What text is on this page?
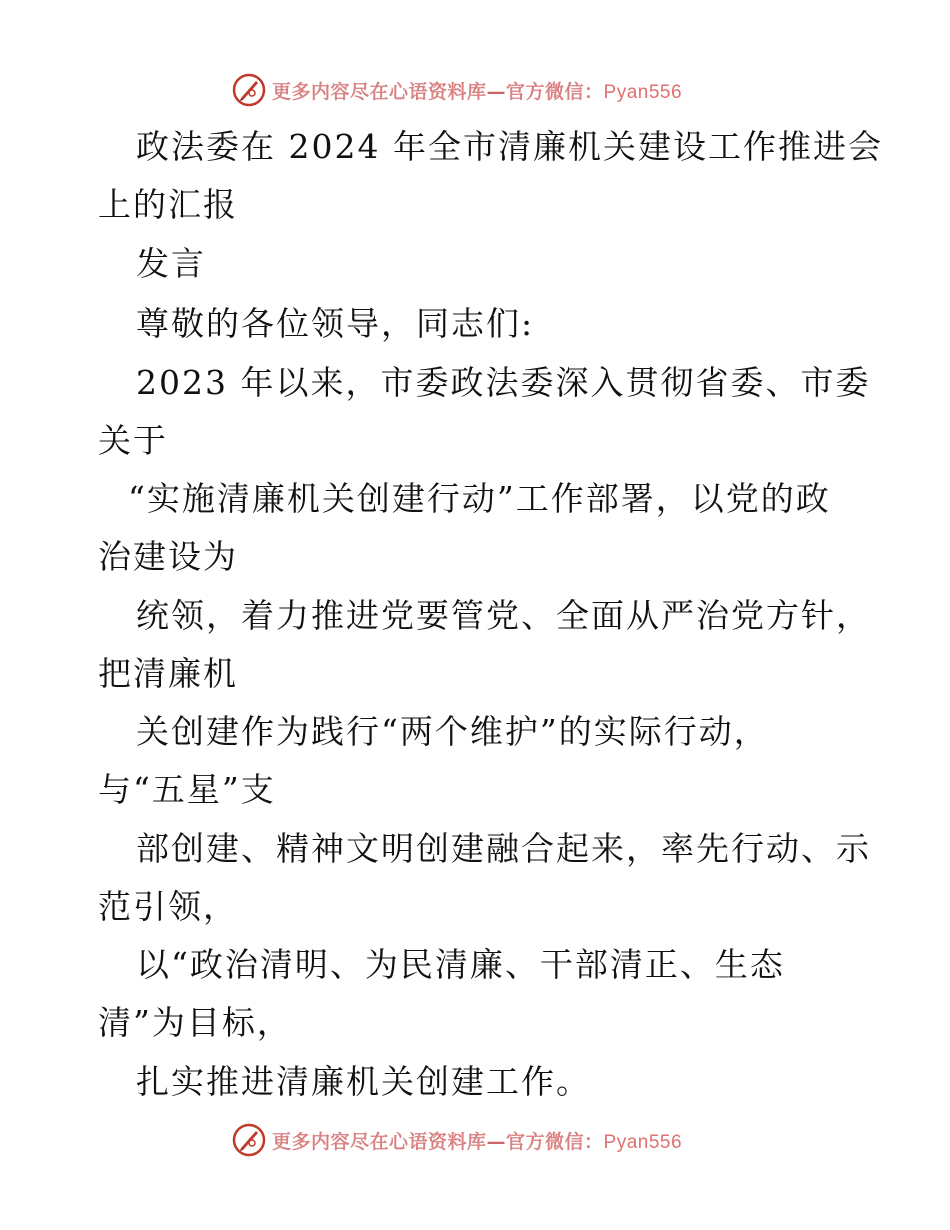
更多内容尽在心语资料库—官方微信：Pyan556
政法委在 2024 年全市清廉机关建设工作推进会
上的汇报
发言
尊敬的各位领导，同志们:
2023 年以来，市委政法委深入贯彻省委、市委
关于
“实施清廉机关创建行动”工作部署，以党的政
治建设为
统领，着力推进党要管党、全面从严治党方针，
把清廉机
关创建作为践行“两个维护”的实际行动，
与“五星”支
部创建、精神文明创建融合起来，率先行动、示
范引领，
以“政治清明、为民清廉、干部清正、生态
清”为目标，
扎实推进清廉机关创建工作。
更多内容尽在心语资料库—官方微信：Pyan556
